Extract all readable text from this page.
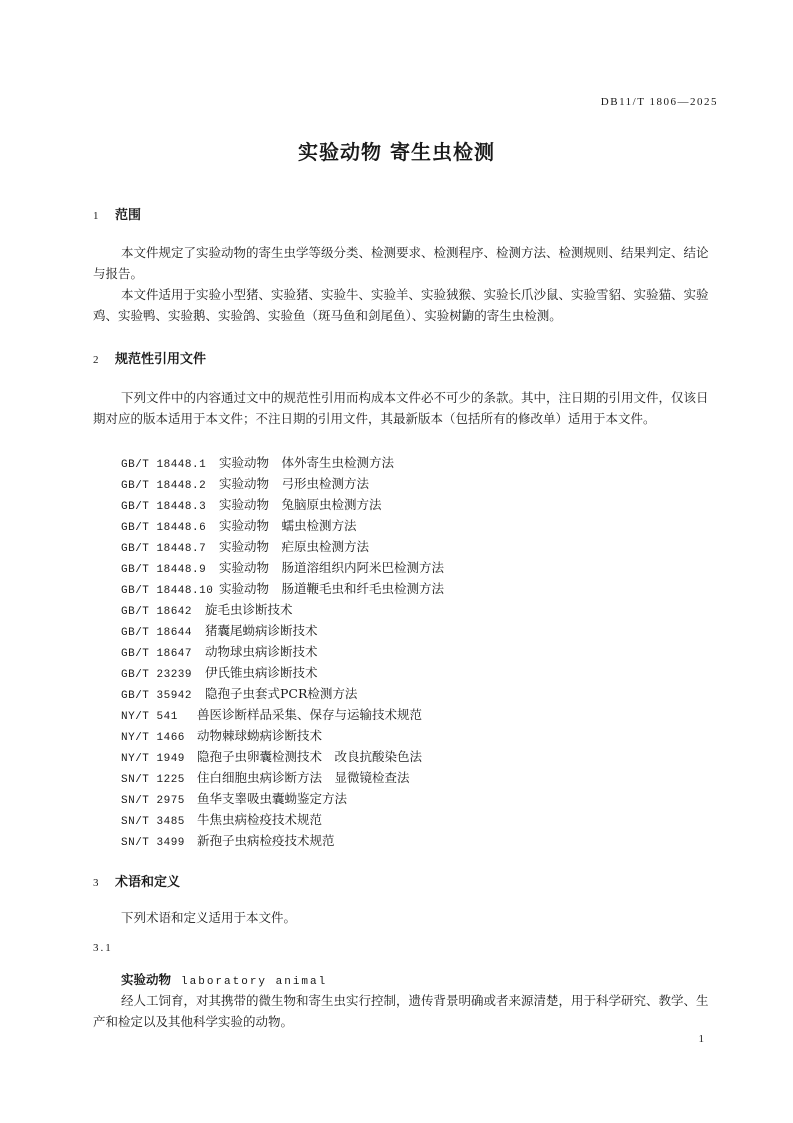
DB11/T 1806—2025
实验动物 寄生虫检测
1 范围
本文件规定了实验动物的寄生虫学等级分类、检测要求、检测程序、检测方法、检测规则、结果判定、结论与报告。
本文件适用于实验小型猪、实验猪、实验牛、实验羊、实验狨猴、实验长爪沙鼠、实验雪貂、实验猫、实验鸡、实验鸭、实验鹅、实验鸽、实验鱼（斑马鱼和剑尾鱼）、实验树鼩的寄生虫检测。
2 规范性引用文件
下列文件中的内容通过文中的规范性引用而构成本文件必不可少的条款。其中，注日期的引用文件，仅该日期对应的版本适用于本文件；不注日期的引用文件，其最新版本（包括所有的修改单）适用于本文件。
GB/T 18448.1 实验动物　体外寄生虫检测方法
GB/T 18448.2 实验动物　弓形虫检测方法
GB/T 18448.3 实验动物　兔脑原虫检测方法
GB/T 18448.6 实验动物　蠕虫检测方法
GB/T 18448.7 实验动物　疟原虫检测方法
GB/T 18448.9 实验动物　肠道溶组织内阿米巴检测方法
GB/T 18448.10 实验动物　肠道鞭毛虫和纤毛虫检测方法
GB/T 18642 旋毛虫诊断技术
GB/T 18644 猪囊尾蚴病诊断技术
GB/T 18647 动物球虫病诊断技术
GB/T 23239 伊氏锥虫病诊断技术
GB/T 35942 隐孢子虫套式PCR检测方法
NY/T 541 兽医诊断样品采集、保存与运输技术规范
NY/T 1466 动物棘球蚴病诊断技术
NY/T 1949 隐孢子虫卵囊检测技术　改良抗酸染色法
SN/T 1225 住白细胞虫病诊断方法　显微镜检查法
SN/T 2975 鱼华支睾吸虫囊蚴鉴定方法
SN/T 3485 牛焦虫病检疫技术规范
SN/T 3499 新孢子虫病检疫技术规范
3 术语和定义
下列术语和定义适用于本文件。
3.1
实验动物 laboratory animal
经人工饲育，对其携带的微生物和寄生虫实行控制，遗传背景明确或者来源清楚，用于科学研究、教学、生产和检定以及其他科学实验的动物。
1
